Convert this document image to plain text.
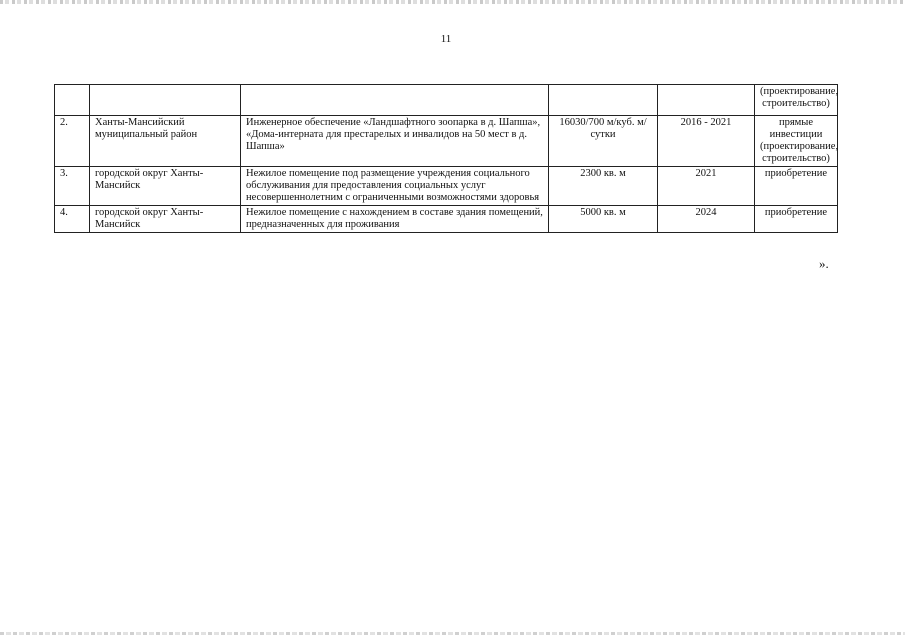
11
					(проектирование, строительство)
2.	Ханты-Мансийский муниципальный район	Инженерное обеспечение «Ландшафтного зоопарка в д. Шапша», «Дома-интерната для престарелых и инвалидов на 50 мест в д. Шапша»	16030/700 м/куб. м/сутки	2016 - 2021	прямые инвестиции (проектирование, строительство)
3.	городской округ Ханты-Мансийск	Нежилое помещение под размещение учреждения социального обслуживания для предоставления социальных услуг несовершеннолетним с ограниченными возможностями здоровья	2300 кв. м	2021	приобретение
4.	городской округ Ханты-Мансийск	Нежилое помещение с нахождением в составе здания помещений, предназначенных для проживания	5000 кв. м	2024	приобретение
».
